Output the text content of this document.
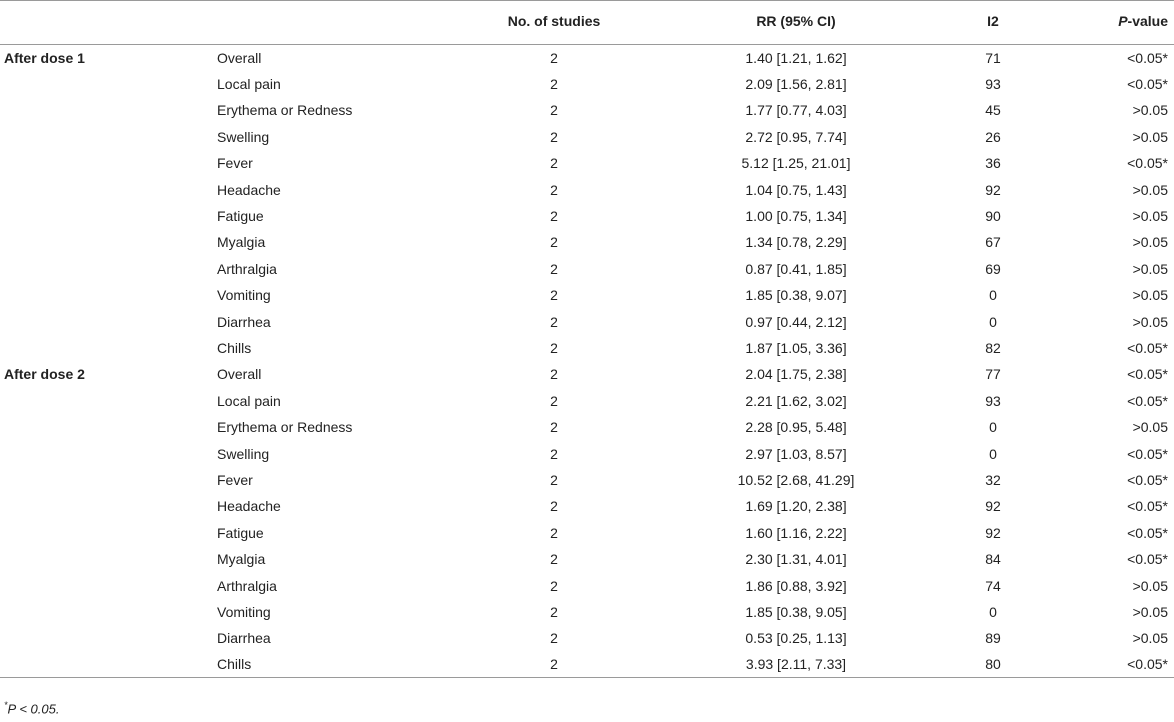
		No. of studies	RR (95% CI)	I2	P-value
After dose 1	Overall	2	1.40 [1.21, 1.62]	71	<0.05*
	Local pain	2	2.09 [1.56, 2.81]	93	<0.05*
	Erythema or Redness	2	1.77 [0.77, 4.03]	45	>0.05
	Swelling	2	2.72 [0.95, 7.74]	26	>0.05
	Fever	2	5.12 [1.25, 21.01]	36	<0.05*
	Headache	2	1.04 [0.75, 1.43]	92	>0.05
	Fatigue	2	1.00 [0.75, 1.34]	90	>0.05
	Myalgia	2	1.34 [0.78, 2.29]	67	>0.05
	Arthralgia	2	0.87 [0.41, 1.85]	69	>0.05
	Vomiting	2	1.85 [0.38, 9.07]	0	>0.05
	Diarrhea	2	0.97 [0.44, 2.12]	0	>0.05
	Chills	2	1.87 [1.05, 3.36]	82	<0.05*
After dose 2	Overall	2	2.04 [1.75, 2.38]	77	<0.05*
	Local pain	2	2.21 [1.62, 3.02]	93	<0.05*
	Erythema or Redness	2	2.28 [0.95, 5.48]	0	>0.05
	Swelling	2	2.97 [1.03, 8.57]	0	<0.05*
	Fever	2	10.52 [2.68, 41.29]	32	<0.05*
	Headache	2	1.69 [1.20, 2.38]	92	<0.05*
	Fatigue	2	1.60 [1.16, 2.22]	92	<0.05*
	Myalgia	2	2.30 [1.31, 4.01]	84	<0.05*
	Arthralgia	2	1.86 [0.88, 3.92]	74	>0.05
	Vomiting	2	1.85 [0.38, 9.05]	0	>0.05
	Diarrhea	2	0.53 [0.25, 1.13]	89	>0.05
	Chills	2	3.93 [2.11, 7.33]	80	<0.05*
*P < 0.05.
